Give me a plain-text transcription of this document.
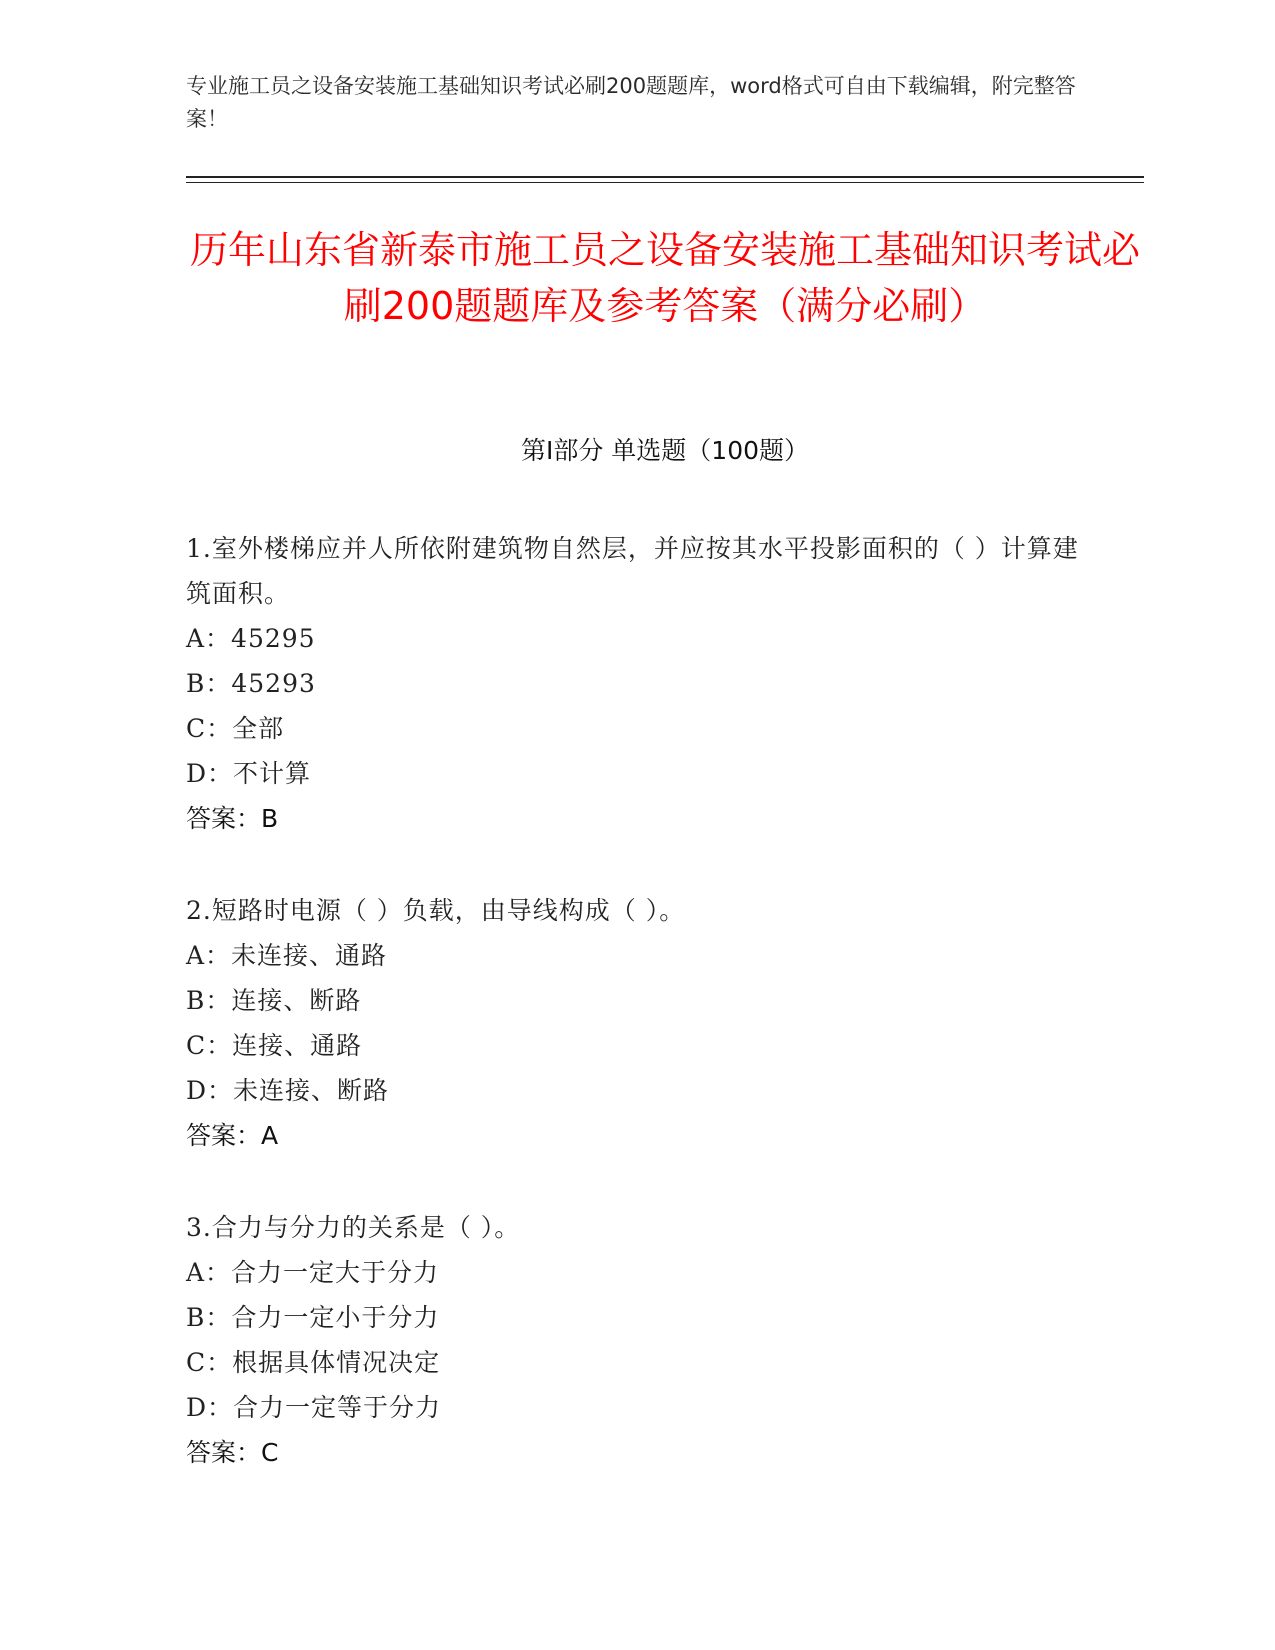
专业施工员之设备安装施工基础知识考试必刷200题题库，word格式可自由下载编辑，附完整答案！
历年山东省新泰市施工员之设备安装施工基础知识考试必刷200题题库及参考答案（满分必刷）
第Ⅰ部分 单选题（100题）
1.室外楼梯应并人所依附建筑物自然层，并应按其水平投影面积的（ ）计算建筑面积。
A：45295
B：45293
C：全部
D：不计算
答案：B
2.短路时电源（ ）负载，由导线构成（ ）。
A：未连接、通路
B：连接、断路
C：连接、通路
D：未连接、断路
答案：A
3.合力与分力的关系是（ ）。
A：合力一定大于分力
B：合力一定小于分力
C：根据具体情况决定
D：合力一定等于分力
答案：C
